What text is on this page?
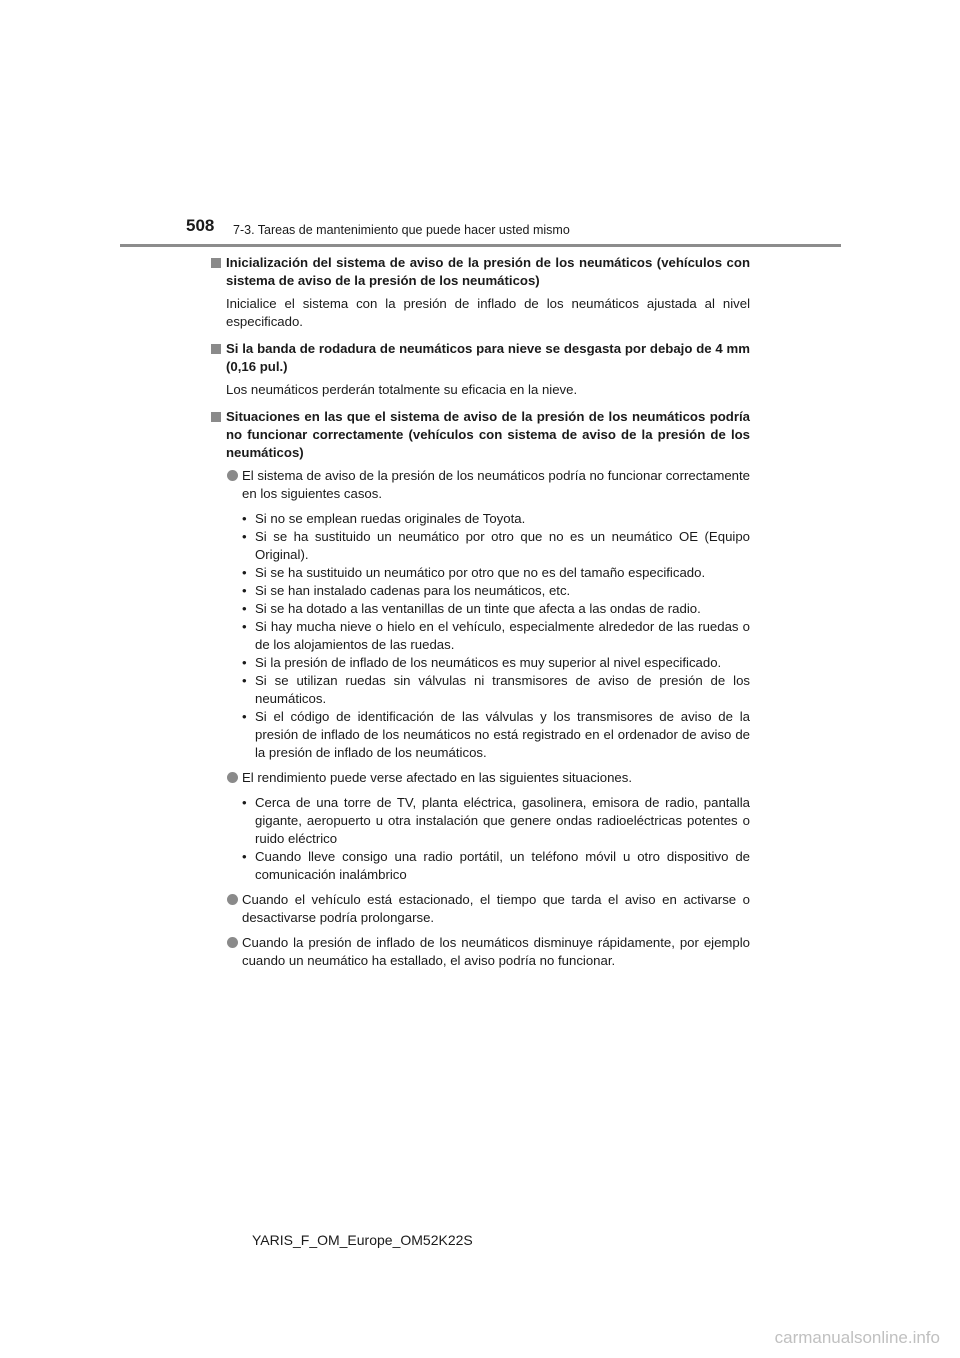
508 7-3. Tareas de mantenimiento que puede hacer usted mismo

Inicialización del sistema de aviso de la presión de los neumáticos (vehículos con sistema de aviso de la presión de los neumáticos)

Inicialice el sistema con la presión de inflado de los neumáticos ajustada al nivel especificado.

Si la banda de rodadura de neumáticos para nieve se desgasta por debajo de 4 mm (0,16 pul.)

Los neumáticos perderán totalmente su eficacia en la nieve.

Situaciones en las que el sistema de aviso de la presión de los neumáticos podría no funcionar correctamente (vehículos con sistema de aviso de la presión de los neumáticos)

El sistema de aviso de la presión de los neumáticos podría no funcionar correctamente en los siguientes casos.

• Si no se emplean ruedas originales de Toyota.
• Si se ha sustituido un neumático por otro que no es un neumático OE (Equipo Original).
• Si se ha sustituido un neumático por otro que no es del tamaño especificado.
• Si se han instalado cadenas para los neumáticos, etc.
• Si se ha dotado a las ventanillas de un tinte que afecta a las ondas de radio.
• Si hay mucha nieve o hielo en el vehículo, especialmente alrededor de las ruedas o de los alojamientos de las ruedas.
• Si la presión de inflado de los neumáticos es muy superior al nivel especificado.
• Si se utilizan ruedas sin válvulas ni transmisores de aviso de presión de los neumáticos.
• Si el código de identificación de las válvulas y los transmisores de aviso de la presión de inflado de los neumáticos no está registrado en el ordenador de aviso de la presión de inflado de los neumáticos.

El rendimiento puede verse afectado en las siguientes situaciones.

• Cerca de una torre de TV, planta eléctrica, gasolinera, emisora de radio, pantalla gigante, aeropuerto u otra instalación que genere ondas radioeléctricas potentes o ruido eléctrico
• Cuando lleve consigo una radio portátil, un teléfono móvil u otro dispositivo de comunicación inalámbrico

Cuando el vehículo está estacionado, el tiempo que tarda el aviso en activarse o desactivarse podría prolongarse.

Cuando la presión de inflado de los neumáticos disminuye rápidamente, por ejemplo cuando un neumático ha estallado, el aviso podría no funcionar.

YARIS_F_OM_Europe_OM52K22S
carmanualsonline.info
